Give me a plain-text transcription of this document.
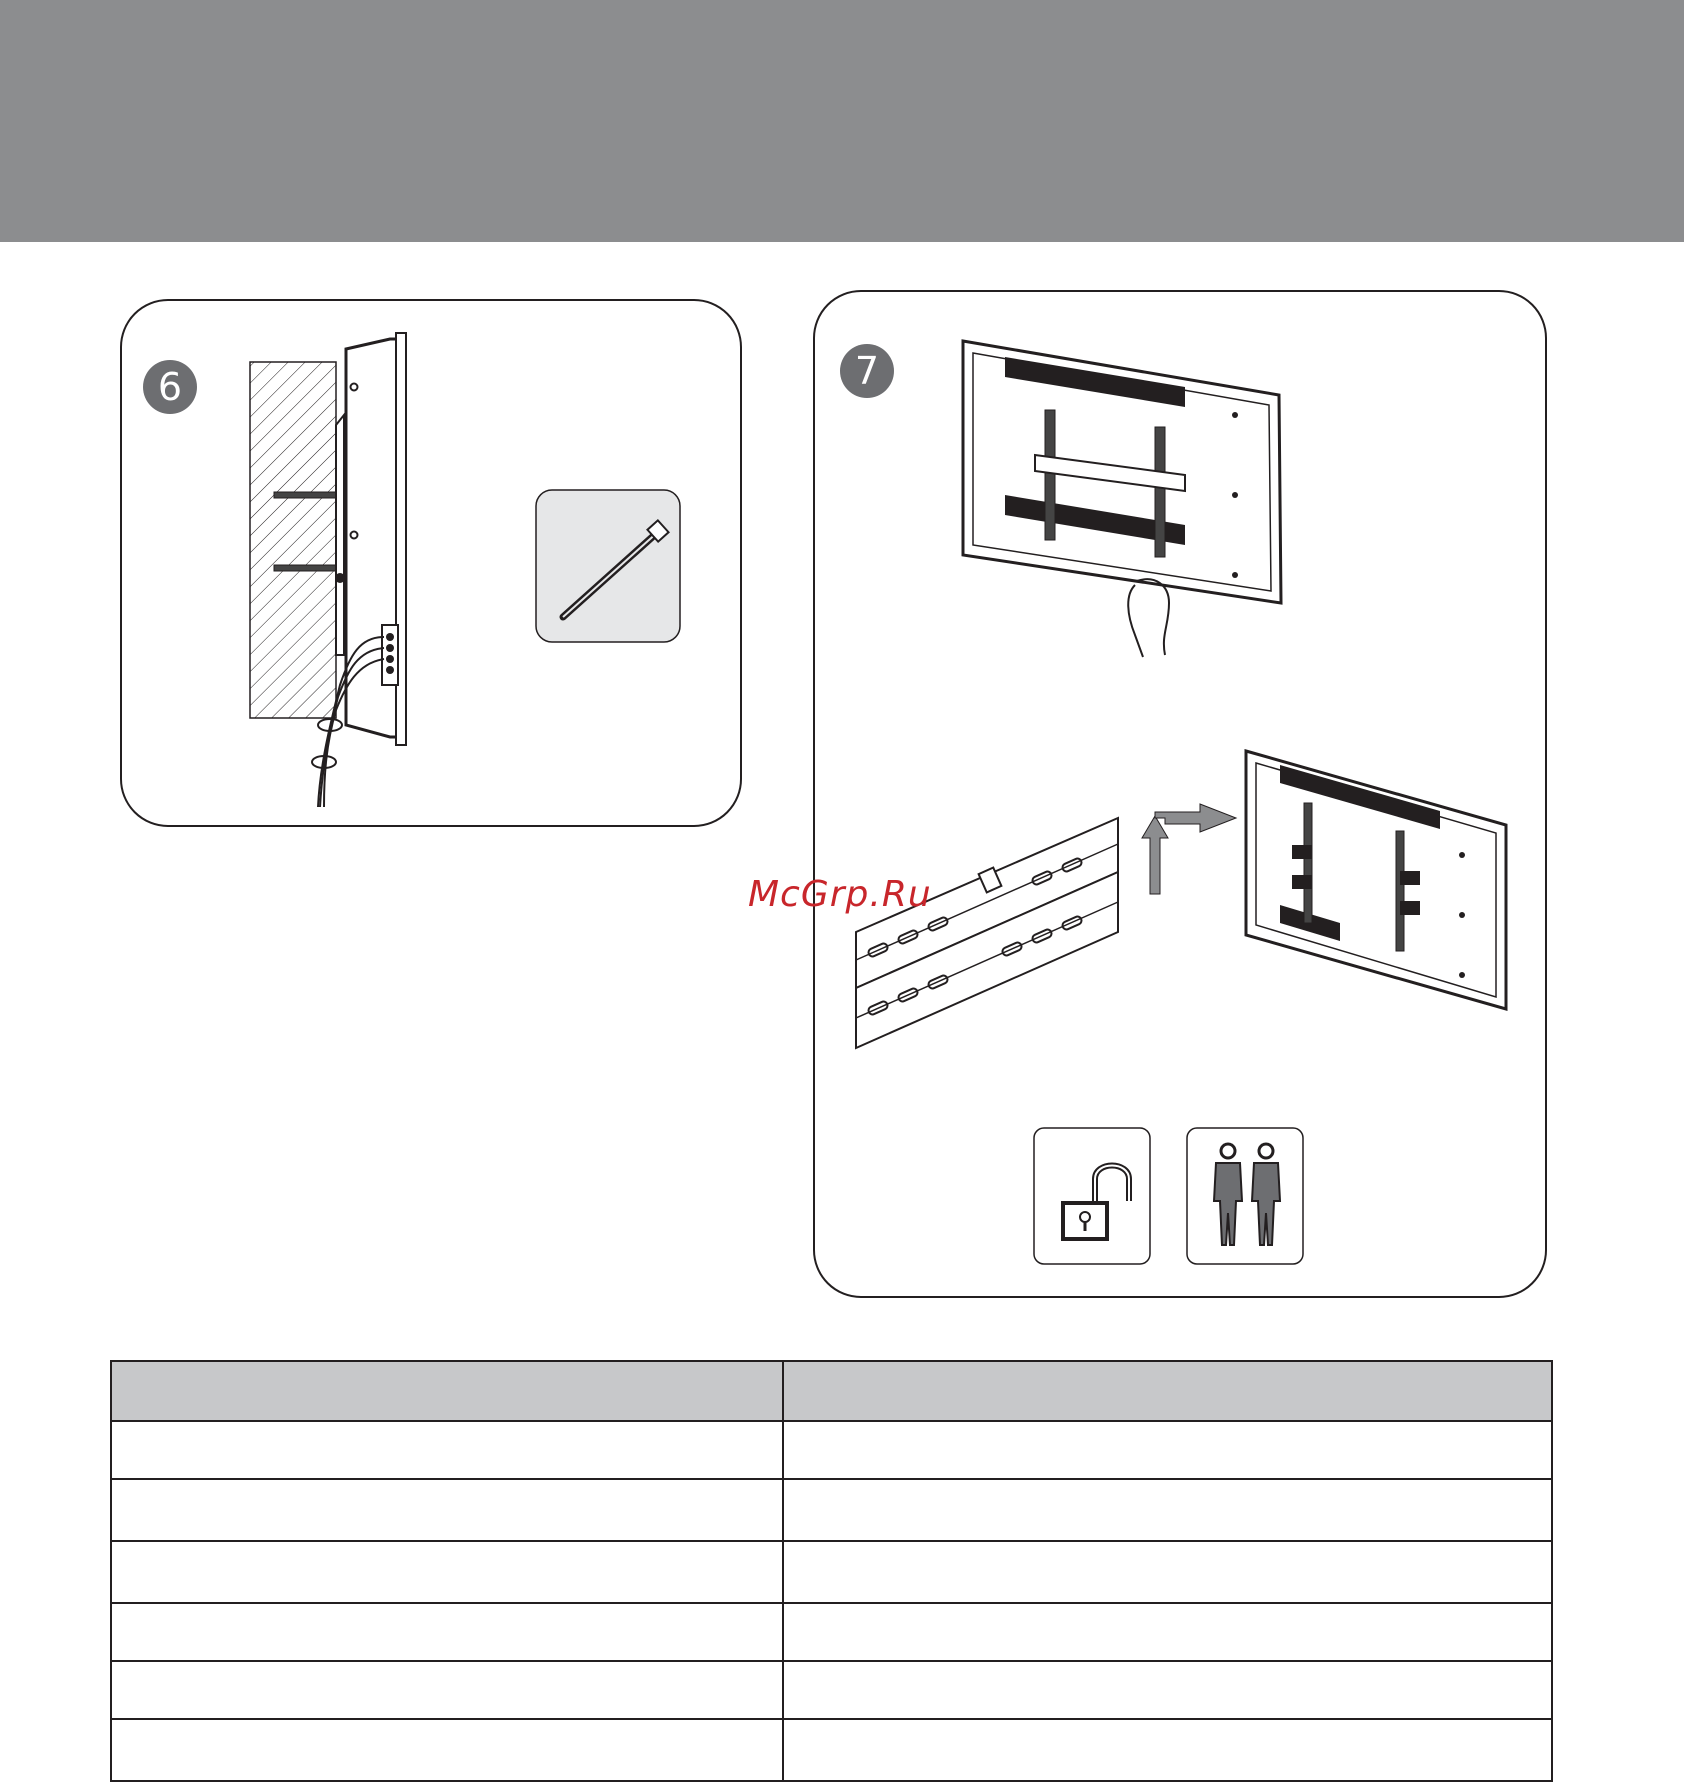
6	7
McGrp.Ru
